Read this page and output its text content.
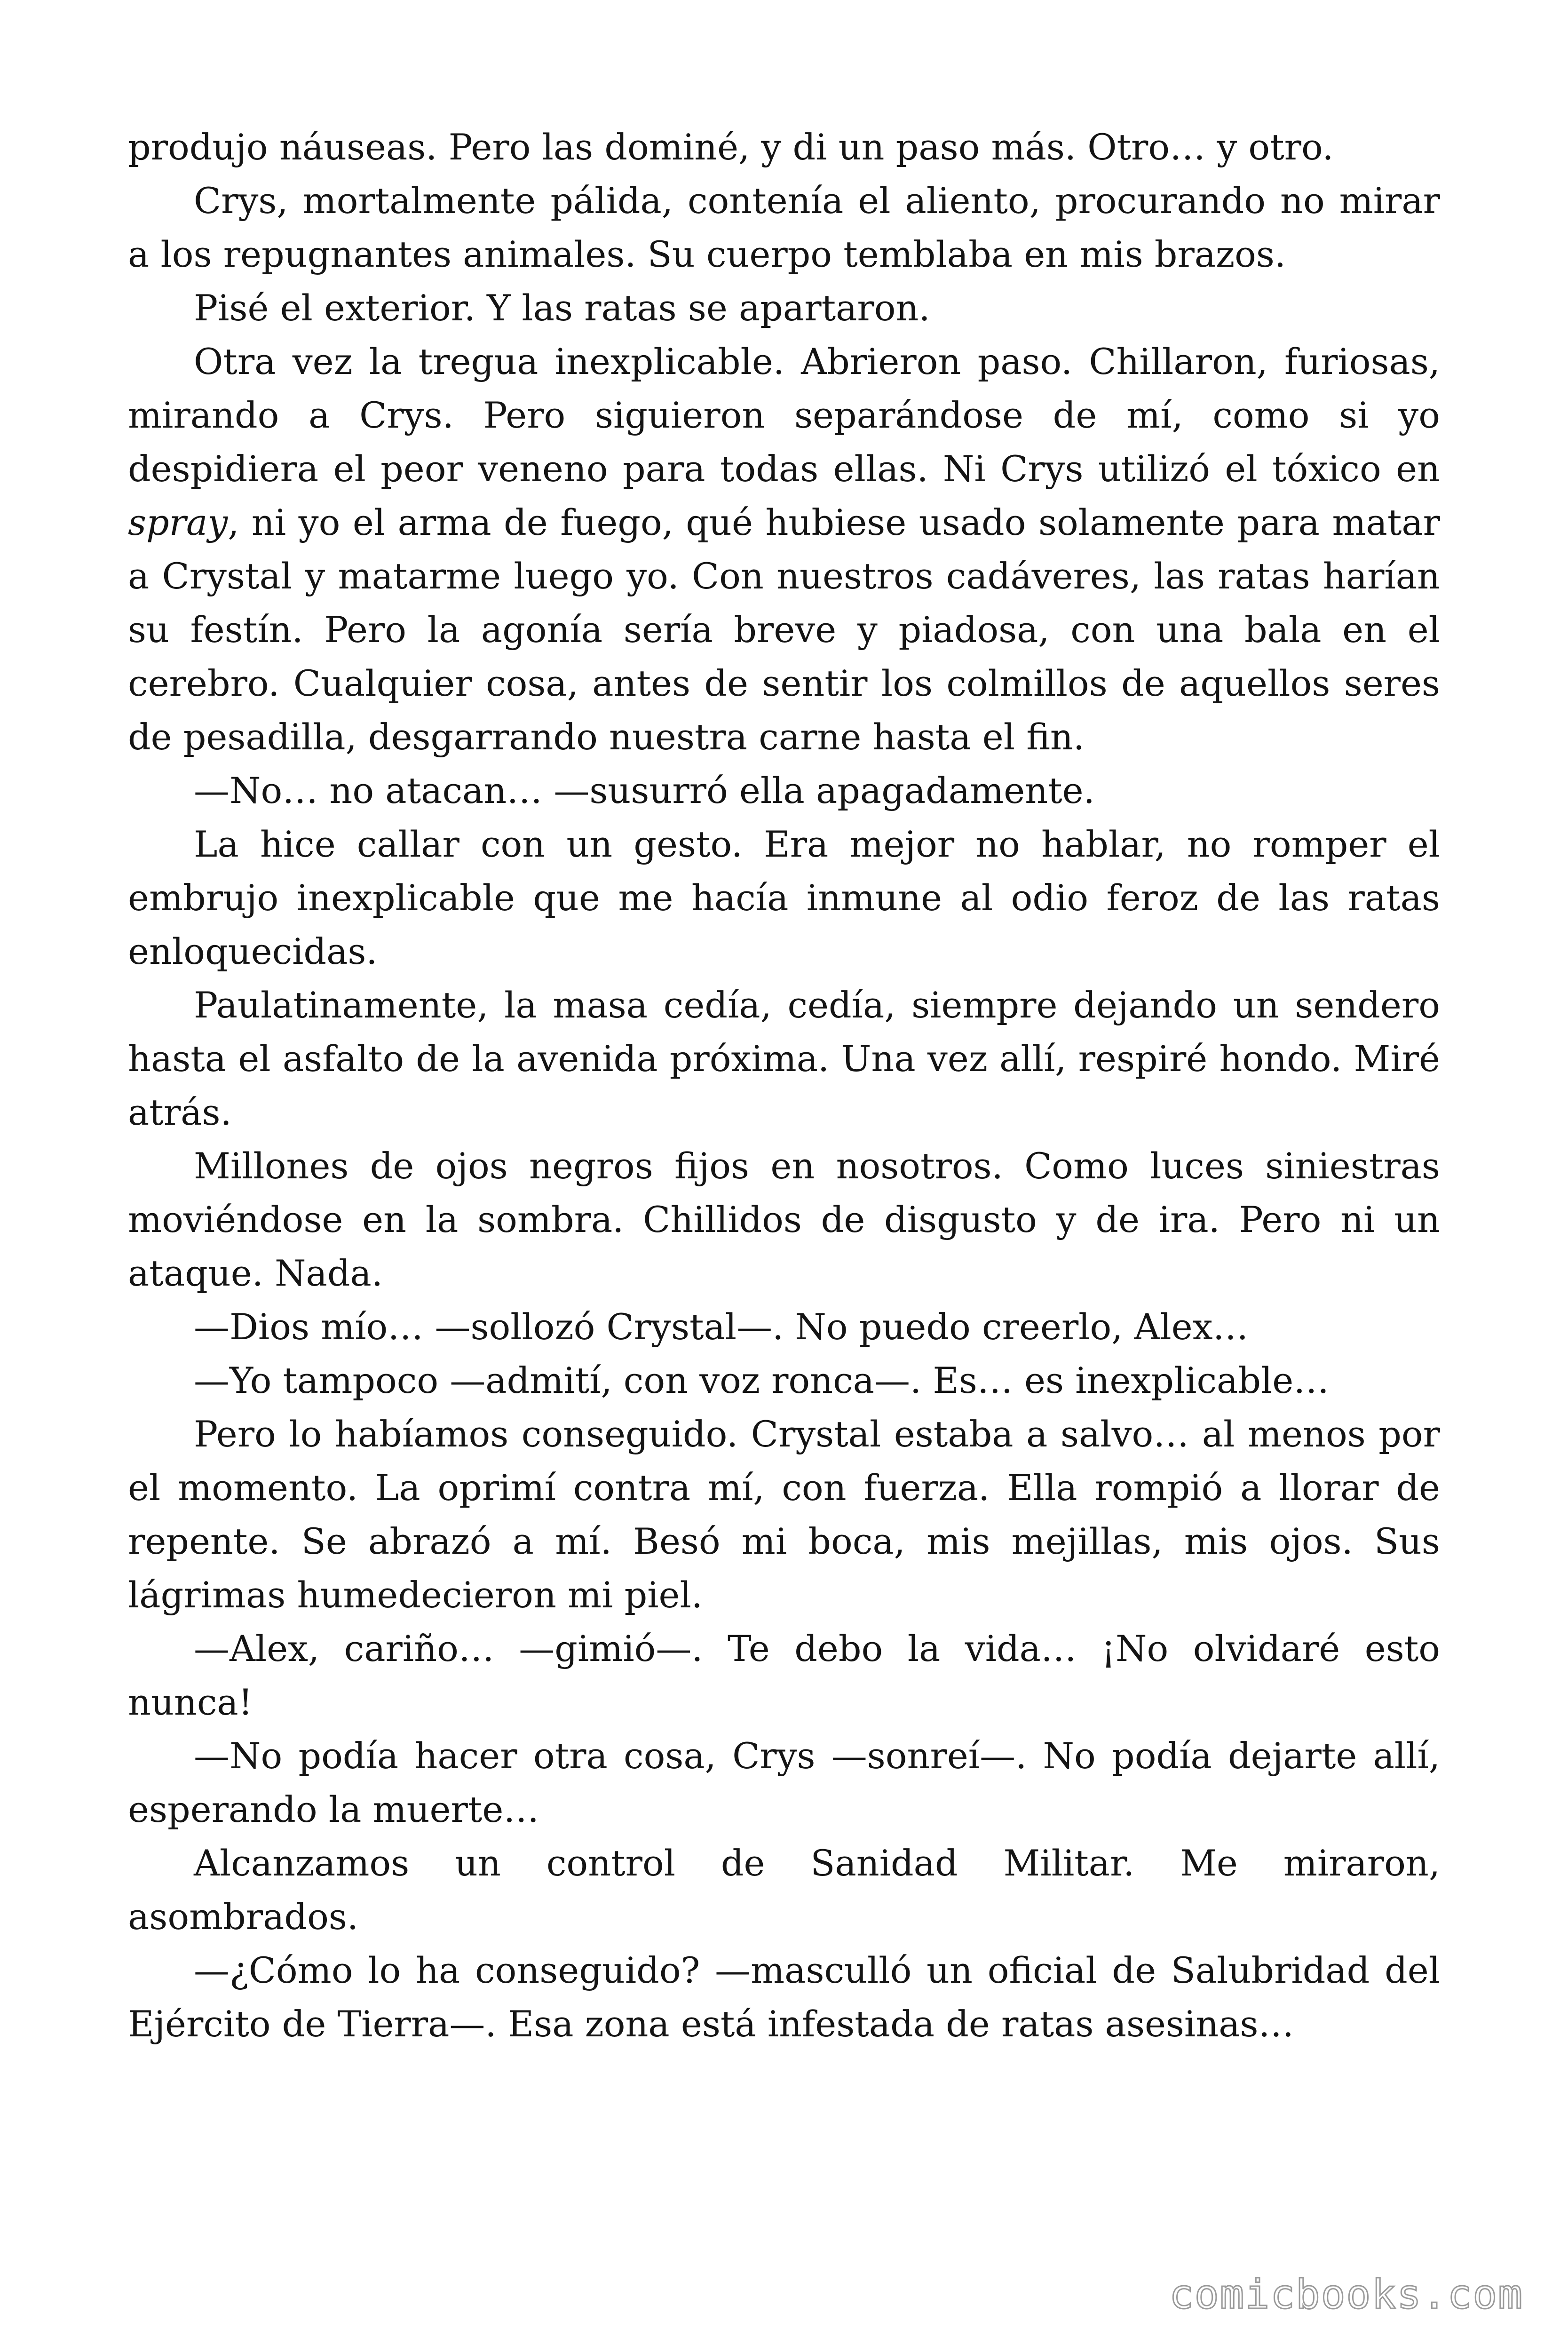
produjo náuseas. Pero las dominé, y di un paso más. Otro… y otro.

Crys, mortalmente pálida, contenía el aliento, procurando no mirar a los repugnantes animales. Su cuerpo temblaba en mis brazos.

Pisé el exterior. Y las ratas se apartaron.

Otra vez la tregua inexplicable. Abrieron paso. Chillaron, furiosas, mirando a Crys. Pero siguieron separándose de mí, como si yo despidiera el peor veneno para todas ellas. Ni Crys utilizó el tóxico en spray, ni yo el arma de fuego, qué hubiese usado solamente para matar a Crystal y matarme luego yo. Con nuestros cadáveres, las ratas harían su festín. Pero la agonía sería breve y piadosa, con una bala en el cerebro. Cualquier cosa, antes de sentir los colmillos de aquellos seres de pesadilla, desgarrando nuestra carne hasta el fin.

—No… no atacan… —susurró ella apagadamente.

La hice callar con un gesto. Era mejor no hablar, no romper el embrujo inexplicable que me hacía inmune al odio feroz de las ratas enloquecidas.

Paulatinamente, la masa cedía, cedía, siempre dejando un sendero hasta el asfalto de la avenida próxima. Una vez allí, respiré hondo. Miré atrás.

Millones de ojos negros fijos en nosotros. Como luces siniestras moviéndose en la sombra. Chillidos de disgusto y de ira. Pero ni un ataque. Nada.

—Dios mío… —sollozó Crystal—. No puedo creerlo, Alex…

—Yo tampoco —admití, con voz ronca—. Es… es inexplicable…

Pero lo habíamos conseguido. Crystal estaba a salvo… al menos por el momento. La oprimí contra mí, con fuerza. Ella rompió a llorar de repente. Se abrazó a mí. Besó mi boca, mis mejillas, mis ojos. Sus lágrimas humedecieron mi piel.

—Alex, cariño… —gimió—. Te debo la vida… ¡No olvidaré esto nunca!

—No podía hacer otra cosa, Crys —sonreí—. No podía dejarte allí, esperando la muerte…

Alcanzamos un control de Sanidad Militar. Me miraron, asombrados.

—¿Cómo lo ha conseguido? —masculló un oficial de Salubridad del Ejército de Tierra—. Esa zona está infestada de ratas asesinas…

comicbooks.com
